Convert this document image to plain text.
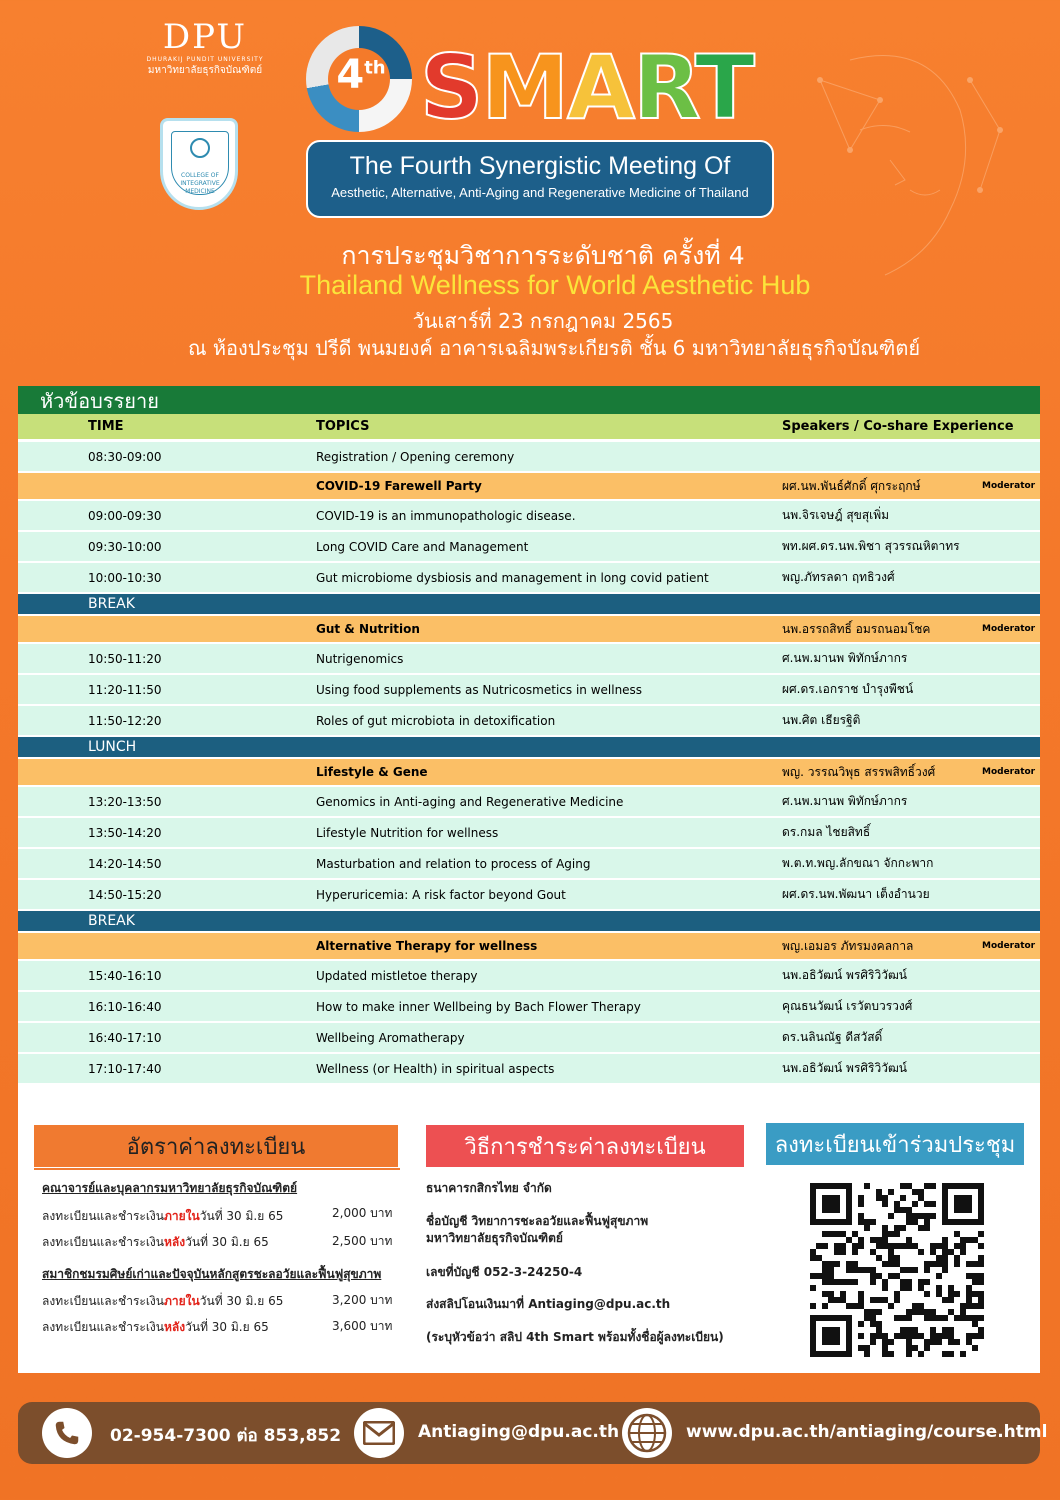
DPU
DHURAKIJ PUNDIT UNIVERSITY
มหาวิทยาลัยธุรกิจบัณฑิตย์
COLLEGE OF INTEGRATIVE MEDICINE
4th SMART
The Fourth Synergistic Meeting Of
Aesthetic, Alternative, Anti-Aging and Regenerative Medicine of Thailand
การประชุมวิชาการระดับชาติ ครั้งที่ 4
Thailand Wellness for World Aesthetic Hub
วันเสาร์ที่ 23 กรกฎาคม 2565
ณ ห้องประชุม ปรีดี พนมยงค์ อาคารเฉลิมพระเกียรติ ชั้น 6 มหาวิทยาลัยธุรกิจบัณฑิตย์
หัวข้อบรรยาย
TIME	TOPICS	Speakers / Co-share Experience
08:30-09:00	Registration / Opening ceremony
COVID-19 Farewell Party	ผศ.นพ.พันธ์ศักดิ์ ศุกระฤกษ์	Moderator
09:00-09:30	COVID-19 is an immunopathologic disease.	นพ.จิรเจษฎ์ สุขสุเพิ่ม
09:30-10:00	Long COVID Care and Management	พท.ผศ.ดร.นพ.พิชา สุวรรณหิตาทร
10:00-10:30	Gut microbiome dysbiosis and management in long covid patient	พญ.ภัทรลดา ฤทธิวงศ์
BREAK
Gut & Nutrition	นพ.อรรถสิทธิ์ อมรถนอมโชค	Moderator
10:50-11:20	Nutrigenomics	ศ.นพ.มานพ พิทักษ์ภากร
11:20-11:50	Using food supplements as Nutricosmetics in wellness	ผศ.ดร.เอกราช บำรุงพืชน์
11:50-12:20	Roles of gut microbiota in detoxification	นพ.ศิต เธียรฐิติ
LUNCH
Lifestyle & Gene	พญ. วรรณวิพุธ สรรพสิทธิ์วงศ์	Moderator
13:20-13:50	Genomics in Anti-aging and Regenerative Medicine	ศ.นพ.มานพ พิทักษ์ภากร
13:50-14:20	Lifestyle Nutrition for wellness	ดร.กมล ไชยสิทธิ์
14:20-14:50	Masturbation and relation to process of Aging	พ.ต.ท.พญ.ลักขณา จักกะพาก
14:50-15:20	Hyperuricemia: A risk factor beyond Gout	ผศ.ดร.นพ.พัฒนา เต็งอำนวย
BREAK
Alternative Therapy for wellness	พญ.เอมอร ภัทรมงคลกาล	Moderator
15:40-16:10	Updated mistletoe therapy	นพ.อธิวัฒน์ พรศิริวิวัฒน์
16:10-16:40	How to make inner Wellbeing by Bach Flower Therapy	คุณธนวัฒน์ เรวัตบวรวงศ์
16:40-17:10	Wellbeing Aromatherapy	ดร.นลินณัฐ ดีสวัสดิ์
17:10-17:40	Wellness (or Health) in spiritual aspects	นพ.อธิวัฒน์ พรศิริวิวัฒน์
อัตราค่าลงทะเบียน
คณาจารย์และบุคลากรมหาวิทยาลัยธุรกิจบัณฑิตย์
ลงทะเบียนและชำระเงินภายในวันที่ 30 มิ.ย 65	2,000 บาท
ลงทะเบียนและชำระเงินหลังวันที่ 30 มิ.ย 65	2,500 บาท
สมาชิกชมรมศิษย์เก่าและปัจจุบันหลักสูตรชะลอวัยและฟื้นฟูสุขภาพ
ลงทะเบียนและชำระเงินภายในวันที่ 30 มิ.ย 65	3,200 บาท
ลงทะเบียนและชำระเงินหลังวันที่ 30 มิ.ย 65	3,600 บาท
วิธีการชำระค่าลงทะเบียน
ธนาคารกสิกรไทย จำกัด
ชื่อบัญชี วิทยาการชะลอวัยและฟื้นฟูสุขภาพ
มหาวิทยาลัยธุรกิจบัณฑิตย์
เลขที่บัญชี 052-3-24250-4
ส่งสลิปโอนเงินมาที่ Antiaging@dpu.ac.th
(ระบุหัวข้อว่า สลิป 4th Smart พร้อมทั้งชื่อผู้ลงทะเบียน)
ลงทะเบียนเข้าร่วมประชุม
02-954-7300 ต่อ 853,852	Antiaging@dpu.ac.th	www.dpu.ac.th/antiaging/course.html
